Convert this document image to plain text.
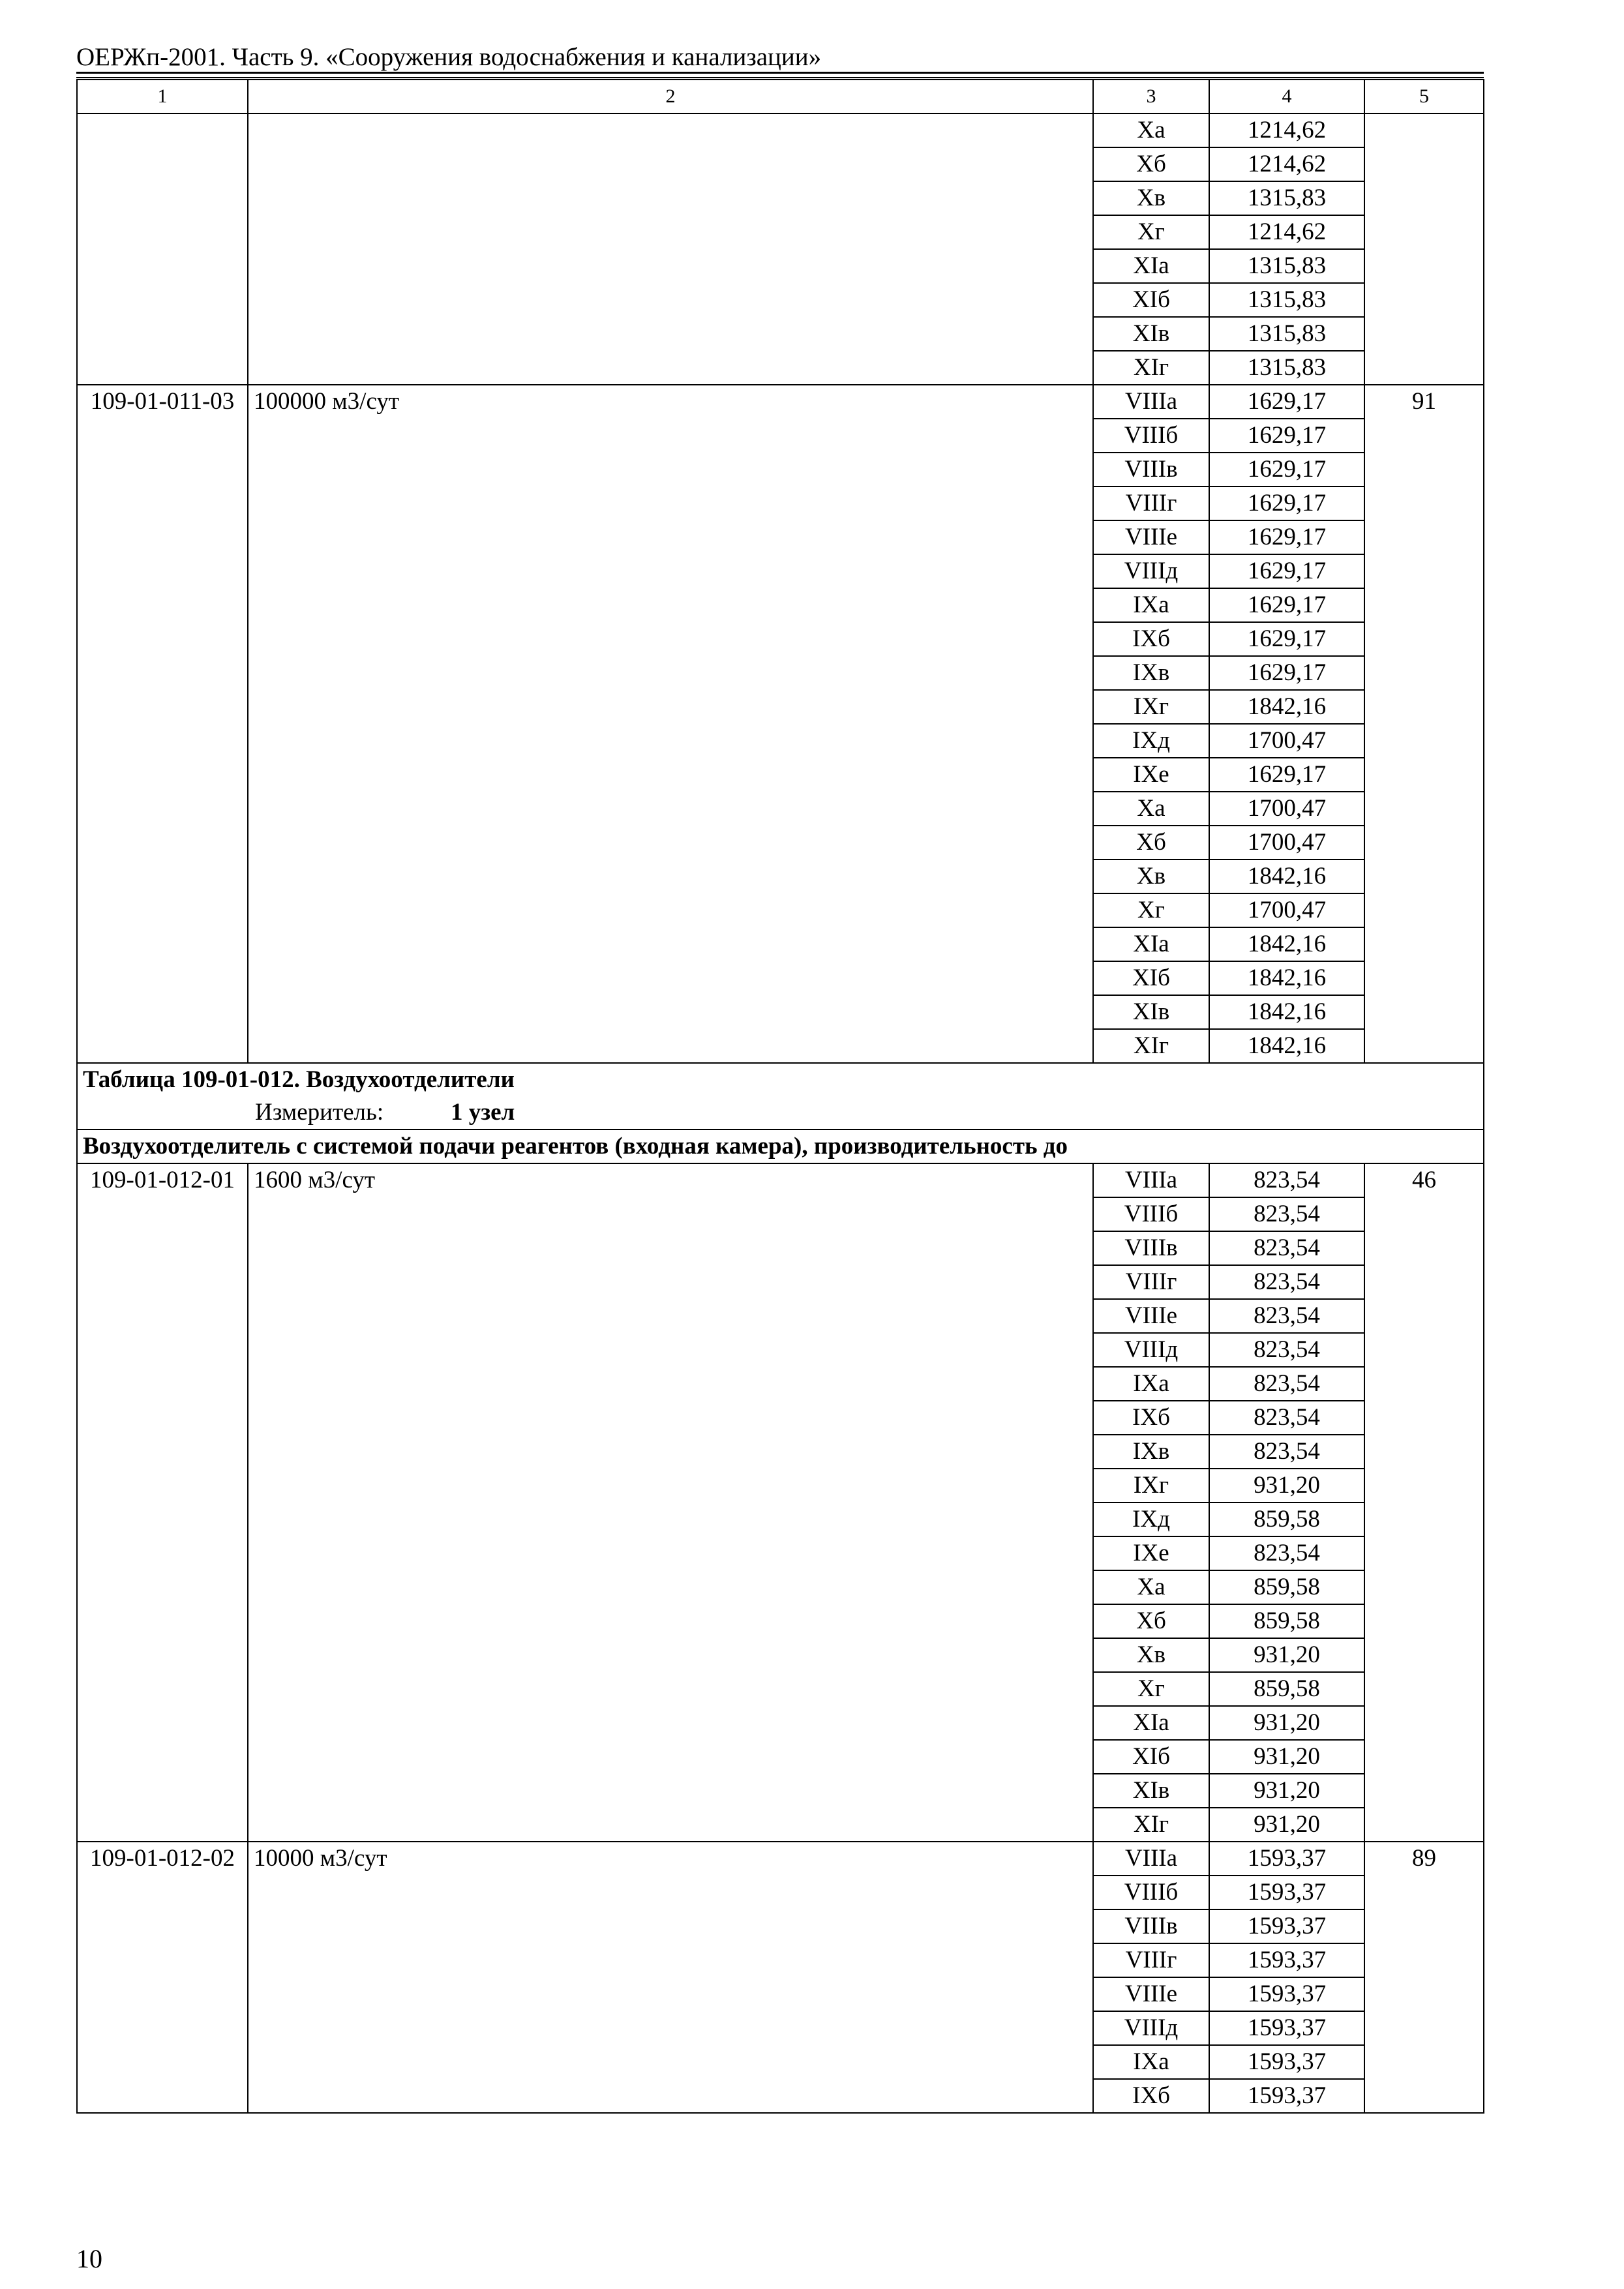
ОЕРЖп-2001. Часть 9. «Сооружения водоснабжения и канализации»
1	2	3	4	5
		Xa	1214,62	
		Xб	1214,62	
		Xв	1315,83	
		Xг	1214,62	
		XIa	1315,83	
		XIб	1315,83	
		XIв	1315,83	
		XIг	1315,83	
109-01-011-03	100000 м3/сут	VIIIa	1629,17	91
		VIIIб	1629,17	
		VIIIв	1629,17	
		VIIIг	1629,17	
		VIIIе	1629,17	
		VIIIд	1629,17	
		IXa	1629,17	
		IXб	1629,17	
		IXв	1629,17	
		IXг	1842,16	
		IXд	1700,47	
		IXе	1629,17	
		Xa	1700,47	
		Xб	1700,47	
		Xв	1842,16	
		Xг	1700,47	
		XIa	1842,16	
		XIб	1842,16	
		XIв	1842,16	
		XIг	1842,16	
Таблица 109-01-012. Воздухоотделители				
Измеритель: 1 узел				
Воздухоотделитель с системой подачи реагентов (входная камера), производительность до				
109-01-012-01	1600 м3/сут	VIIIa	823,54	46
		VIIIб	823,54	
		VIIIв	823,54	
		VIIIг	823,54	
		VIIIе	823,54	
		VIIIд	823,54	
		IXa	823,54	
		IXб	823,54	
		IXв	823,54	
		IXг	931,20	
		IXд	859,58	
		IXе	823,54	
		Xa	859,58	
		Xб	859,58	
		Xв	931,20	
		Xг	859,58	
		XIa	931,20	
		XIб	931,20	
		XIв	931,20	
		XIг	931,20	
109-01-012-02	10000 м3/сут	VIIIa	1593,37	89
		VIIIб	1593,37	
		VIIIв	1593,37	
		VIIIг	1593,37	
		VIIIе	1593,37	
		VIIIд	1593,37	
		IXa	1593,37	
		IXб	1593,37	
10
